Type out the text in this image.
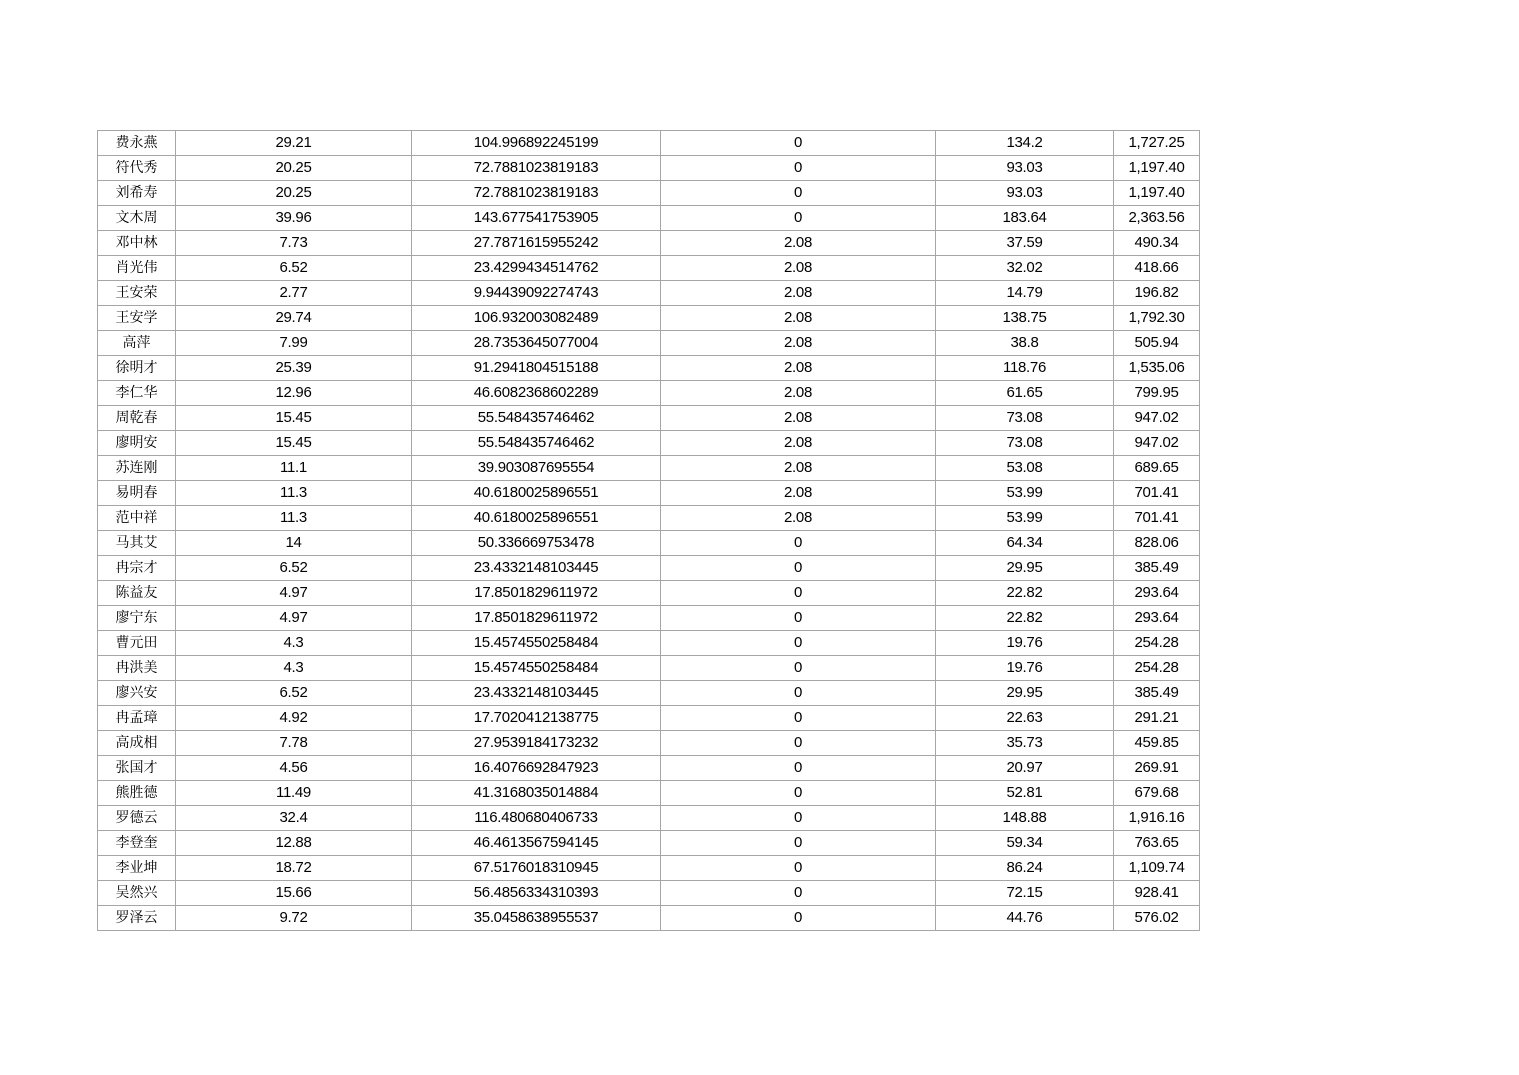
费永燕	29.21	104.996892245199	0	134.2	1,727.25
符代秀	20.25	72.7881023819183	0	93.03	1,197.40
刘希寿	20.25	72.7881023819183	0	93.03	1,197.40
文木周	39.96	143.677541753905	0	183.64	2,363.56
邓中林	7.73	27.7871615955242	2.08	37.59	490.34
肖光伟	6.52	23.4299434514762	2.08	32.02	418.66
王安荣	2.77	9.94439092274743	2.08	14.79	196.82
王安学	29.74	106.932003082489	2.08	138.75	1,792.30
高萍	7.99	28.7353645077004	2.08	38.8	505.94
徐明才	25.39	91.2941804515188	2.08	118.76	1,535.06
李仁华	12.96	46.6082368602289	2.08	61.65	799.95
周乾春	15.45	55.548435746462	2.08	73.08	947.02
廖明安	15.45	55.548435746462	2.08	73.08	947.02
苏连刚	11.1	39.903087695554	2.08	53.08	689.65
易明春	11.3	40.6180025896551	2.08	53.99	701.41
范中祥	11.3	40.6180025896551	2.08	53.99	701.41
马其艾	14	50.336669753478	0	64.34	828.06
冉宗才	6.52	23.4332148103445	0	29.95	385.49
陈益友	4.97	17.8501829611972	0	22.82	293.64
廖宁东	4.97	17.8501829611972	0	22.82	293.64
曹元田	4.3	15.4574550258484	0	19.76	254.28
冉洪美	4.3	15.4574550258484	0	19.76	254.28
廖兴安	6.52	23.4332148103445	0	29.95	385.49
冉孟璋	4.92	17.7020412138775	0	22.63	291.21
高成相	7.78	27.9539184173232	0	35.73	459.85
张国才	4.56	16.4076692847923	0	20.97	269.91
熊胜德	11.49	41.3168035014884	0	52.81	679.68
罗德云	32.4	116.480680406733	0	148.88	1,916.16
李登奎	12.88	46.4613567594145	0	59.34	763.65
李业坤	18.72	67.5176018310945	0	86.24	1,109.74
吴然兴	15.66	56.4856334310393	0	72.15	928.41
罗泽云	9.72	35.0458638955537	0	44.76	576.02
